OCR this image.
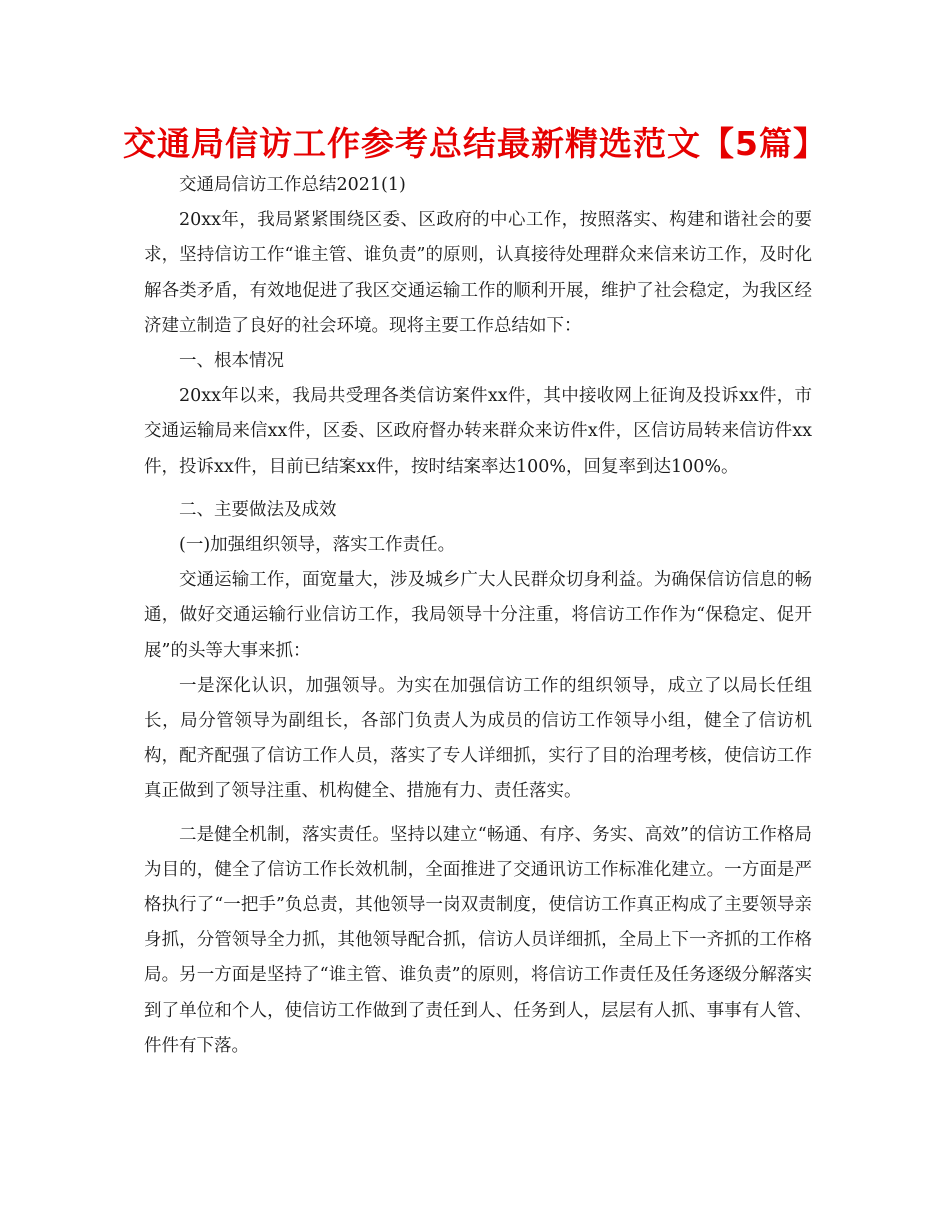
交通局信访工作参考总结最新精选范文【5篇】

交通局信访工作总结2021(1)

20xx年，我局紧紧围绕区委、区政府的中心工作，按照落实、构建和谐社会的要求，坚持信访工作“谁主管、谁负责”的原则，认真接待处理群众来信来访工作，及时化解各类矛盾，有效地促进了我区交通运输工作的顺利开展，维护了社会稳定，为我区经济建立制造了良好的社会环境。现将主要工作总结如下：

一、根本情况

20xx年以来，我局共受理各类信访案件xx件，其中接收网上征询及投诉xx件，市交通运输局来信xx件，区委、区政府督办转来群众来访件x件，区信访局转来信访件xx件，投诉xx件，目前已结案xx件，按时结案率达100%，回复率到达100%。

二、主要做法及成效

(一)加强组织领导，落实工作责任。

交通运输工作，面宽量大，涉及城乡广大人民群众切身利益。为确保信访信息的畅通，做好交通运输行业信访工作，我局领导十分注重，将信访工作作为“保稳定、促开展”的头等大事来抓：

一是深化认识，加强领导。为实在加强信访工作的组织领导，成立了以局长任组长，局分管领导为副组长，各部门负责人为成员的信访工作领导小组，健全了信访机构，配齐配强了信访工作人员，落实了专人详细抓，实行了目的治理考核，使信访工作真正做到了领导注重、机构健全、措施有力、责任落实。

二是健全机制，落实责任。坚持以建立“畅通、有序、务实、高效”的信访工作格局为目的，健全了信访工作长效机制，全面推进了交通讯访工作标准化建立。一方面是严格执行了“一把手”负总责，其他领导一岗双责制度，使信访工作真正构成了主要领导亲身抓，分管领导全力抓，其他领导配合抓，信访人员详细抓，全局上下一齐抓的工作格局。另一方面是坚持了“谁主管、谁负责”的原则，将信访工作责任及任务逐级分解落实到了单位和个人，使信访工作做到了责任到人、任务到人，层层有人抓、事事有人管、件件有下落。
